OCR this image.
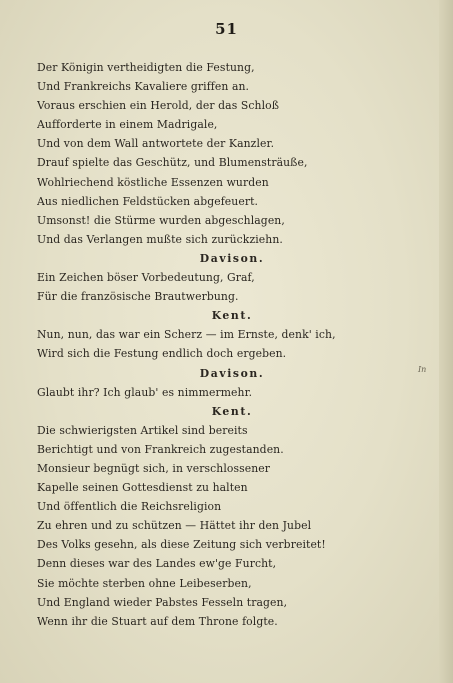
51
In
Der Königin vertheidigten die Festung,
Und Frankreichs Kavaliere griffen an.
Voraus erschien ein Herold, der das Schloß
Aufforderte in einem Madrigale,
Und von dem Wall antwortete der Kanzler.
Drauf spielte das Geschütz, und Blumensträuße,
Wohlriechend köstliche Essenzen wurden
Aus niedlichen Feldstücken abgefeuert.
Umsonst! die Stürme wurden abgeschlagen,
Und das Verlangen mußte sich zurückziehn.
Davison.
Ein Zeichen böser Vorbedeutung, Graf,
Für die französische Brautwerbung.
Kent.
Nun, nun, das war ein Scherz — im Ernste, denk' ich,
Wird sich die Festung endlich doch ergeben.
Davison.
Glaubt ihr? Ich glaub' es nimmermehr.
Kent.
Die schwierigsten Artikel sind bereits
Berichtigt und von Frankreich zugestanden.
Monsieur begnügt sich, in verschlossener
Kapelle seinen Gottesdienst zu halten
Und öffentlich die Reichsreligion
Zu ehren und zu schützen — Hättet ihr den Jubel
Des Volks gesehn, als diese Zeitung sich verbreitet!
Denn dieses war des Landes ew'ge Furcht,
Sie möchte sterben ohne Leibeserben,
Und England wieder Pabstes Fesseln tragen,
Wenn ihr die Stuart auf dem Throne folgte.
